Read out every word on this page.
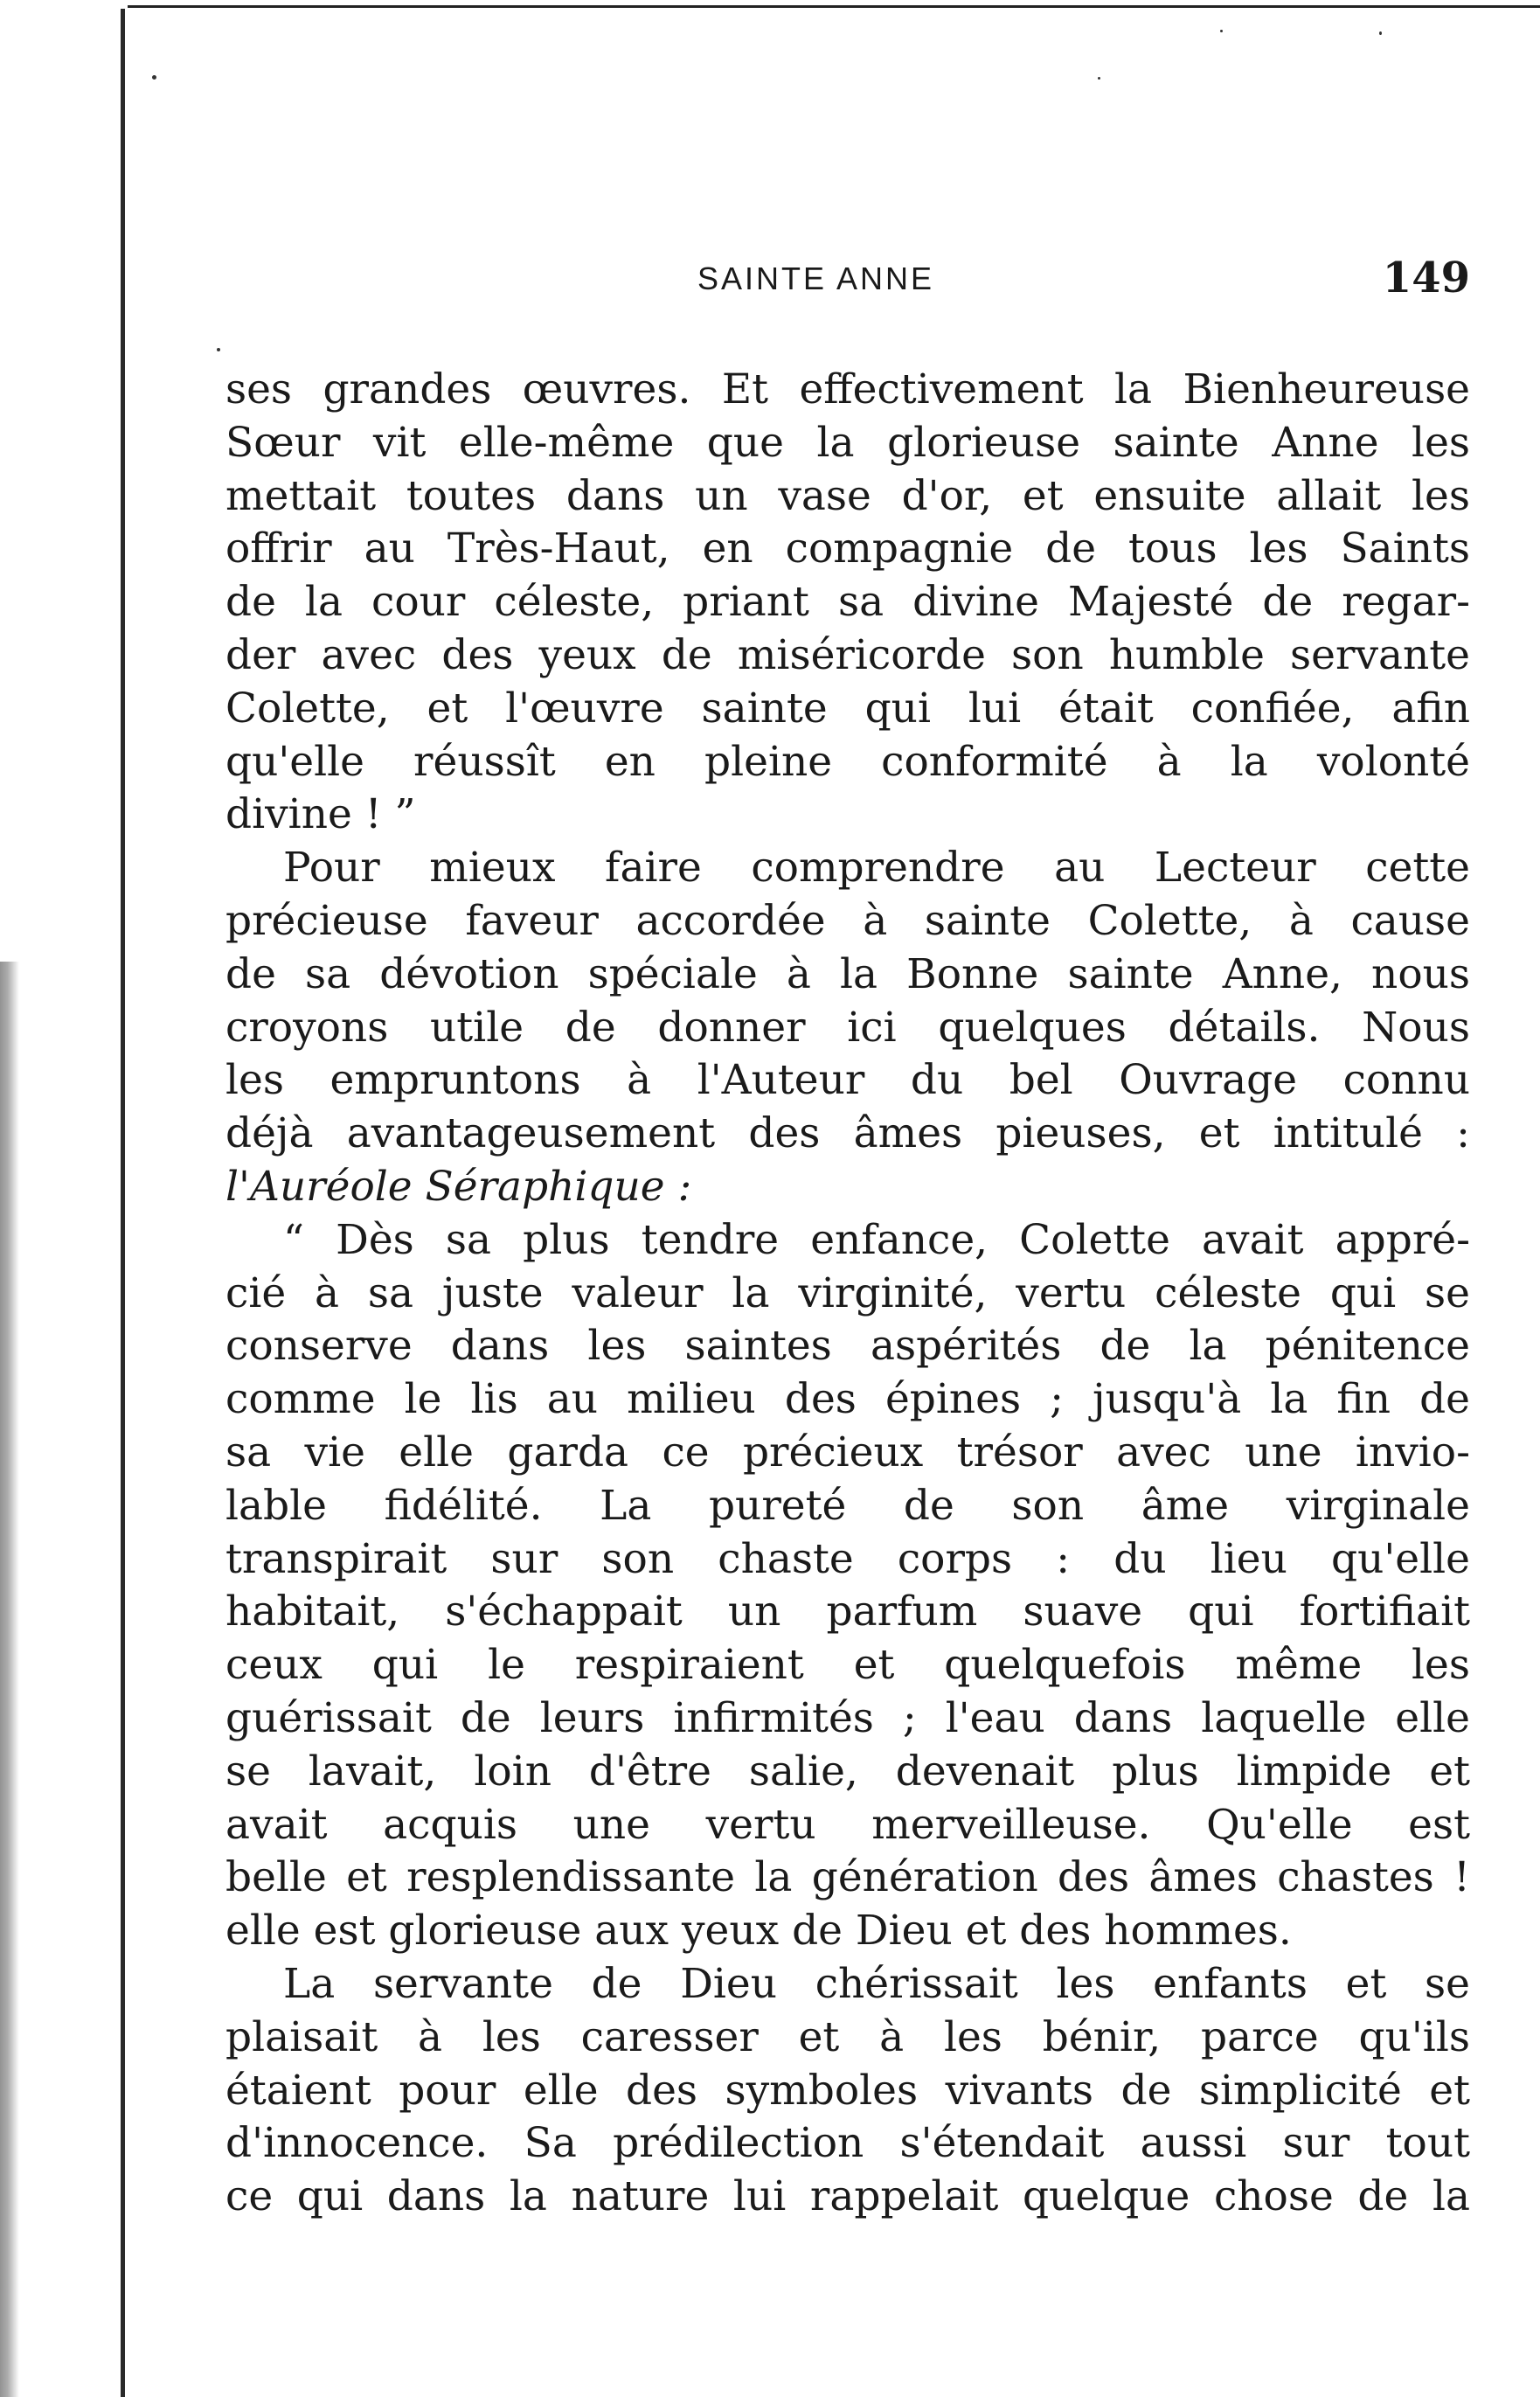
SAINTE ANNE	149
ses grandes œuvres. Et effectivement la Bienheureuse
Sœur vit elle-même que la glorieuse sainte Anne les
mettait toutes dans un vase d'or, et ensuite allait les
offrir au Très-Haut, en compagnie de tous les Saints
de la cour céleste, priant sa divine Majesté de regar-
der avec des yeux de miséricorde son humble servante
Colette, et l'œuvre sainte qui lui était confiée, afin
qu'elle réussît en pleine conformité à la volonté
divine ! ”
Pour mieux faire comprendre au Lecteur cette
précieuse faveur accordée à sainte Colette, à cause
de sa dévotion spéciale à la Bonne sainte Anne, nous
croyons utile de donner ici quelques détails. Nous
les empruntons à l'Auteur du bel Ouvrage connu
déjà avantageusement des âmes pieuses, et intitulé :
l'Auréole Séraphique :
“ Dès sa plus tendre enfance, Colette avait appré-
cié à sa juste valeur la virginité, vertu céleste qui se
conserve dans les saintes aspérités de la pénitence
comme le lis au milieu des épines ; jusqu'à la fin de
sa vie elle garda ce précieux trésor avec une invio-
lable fidélité. La pureté de son âme virginale
transpirait sur son chaste corps : du lieu qu'elle
habitait, s'échappait un parfum suave qui fortifiait
ceux qui le respiraient et quelquefois même les
guérissait de leurs infirmités ; l'eau dans laquelle elle
se lavait, loin d'être salie, devenait plus limpide et
avait acquis une vertu merveilleuse. Qu'elle est
belle et resplendissante la génération des âmes chastes !
elle est glorieuse aux yeux de Dieu et des hommes.
La servante de Dieu chérissait les enfants et se
plaisait à les caresser et à les bénir, parce qu'ils
étaient pour elle des symboles vivants de simplicité et
d'innocence. Sa prédilection s'étendait aussi sur tout
ce qui dans la nature lui rappelait quelque chose de la
